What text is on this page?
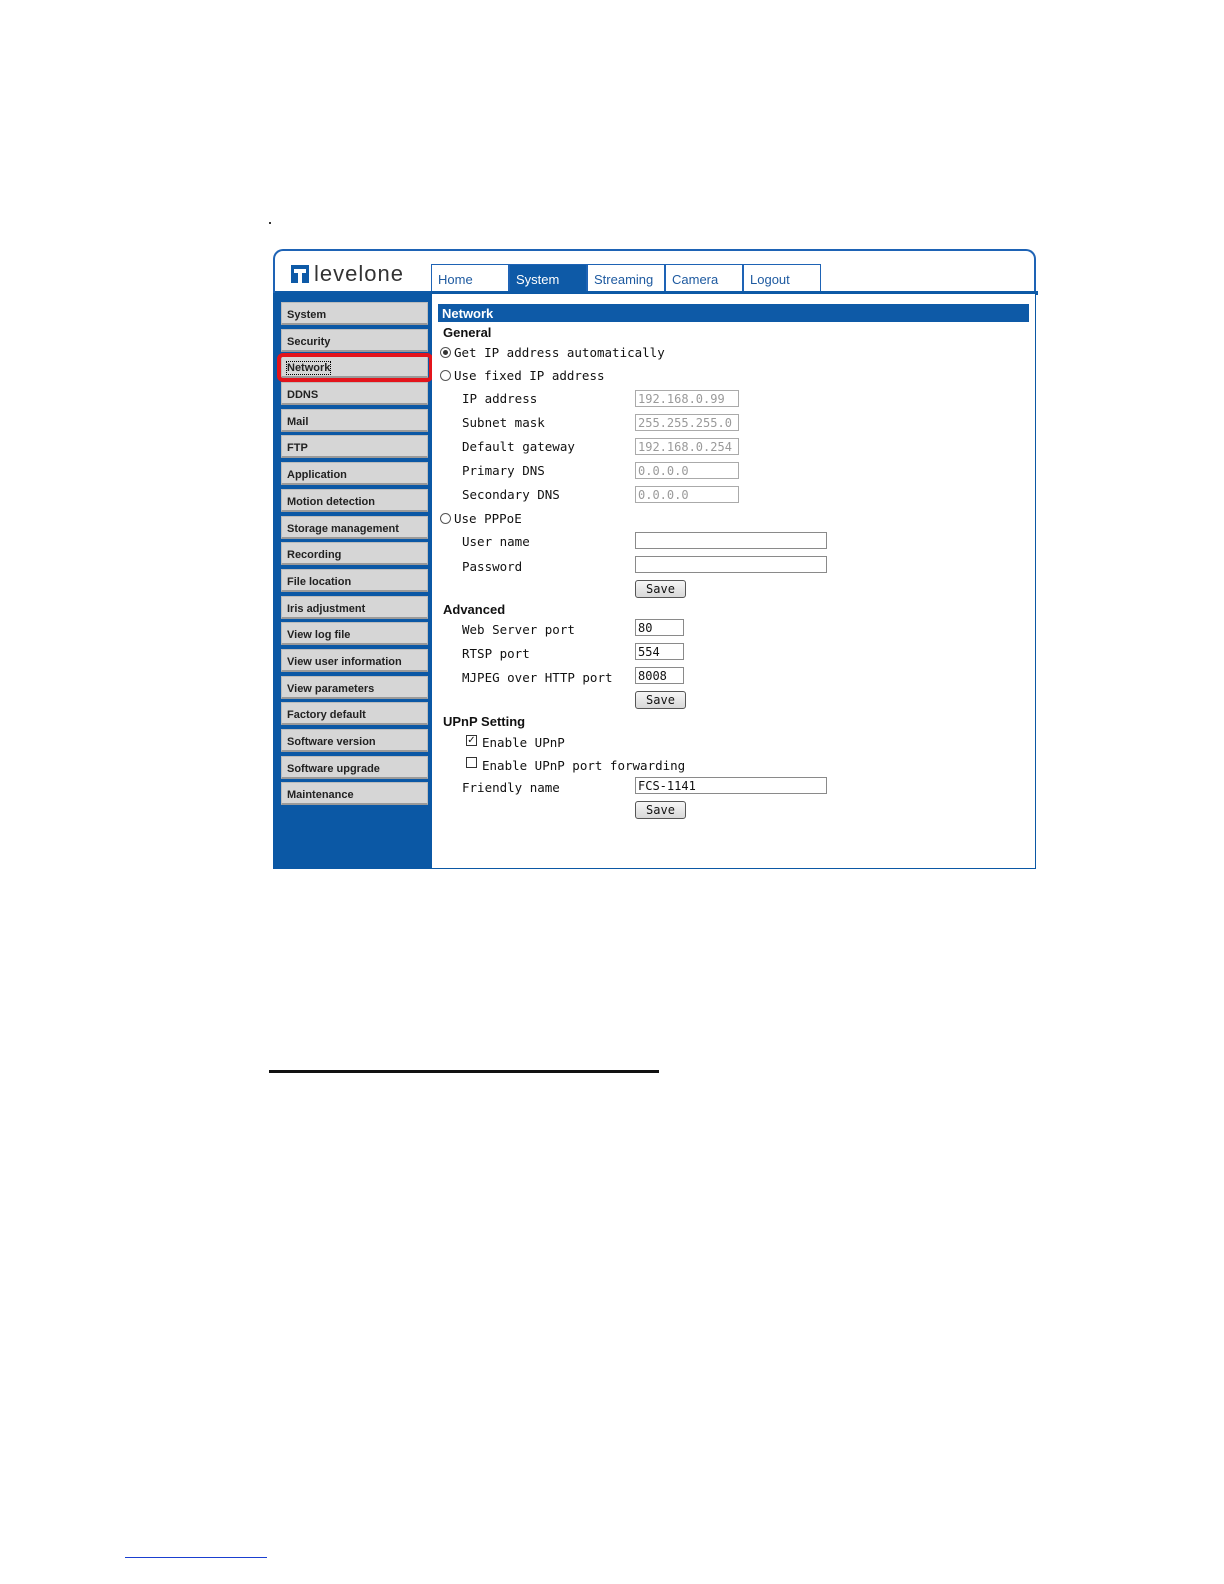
levelone	Home	System	Streaming	Camera	Logout
System
Security
Network
DDNS
Mail
FTP
Application
Motion detection
Storage management
Recording
File location
Iris adjustment
View log file
View user information
View parameters
Factory default
Software version
Software upgrade
Maintenance
Network
General
Get IP address automatically
Use fixed IP address
IP address	192.168.0.99
Subnet mask	255.255.255.0
Default gateway	192.168.0.254
Primary DNS	0.0.0.0
Secondary DNS	0.0.0.0
Use PPPoE
User name
Password
Save
Advanced
Web Server port	80
RTSP port	554
MJPEG over HTTP port 8008
Save
UPnP Setting
✓ Enable UPnP
Enable UPnP port forwarding
Friendly name	FCS-1141
Save
